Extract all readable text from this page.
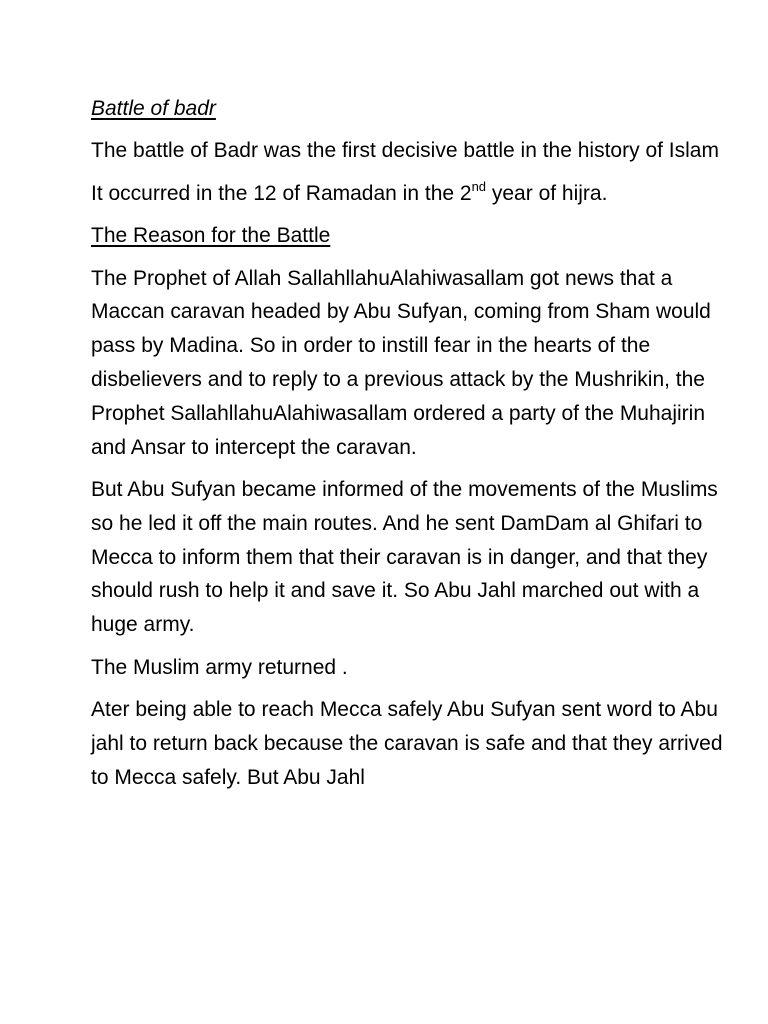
Battle of badr

The battle of Badr was the first decisive battle in the history of Islam

It occurred in the 12 of Ramadan in the 2nd year of hijra.

The Reason for the Battle

The Prophet of Allah SallahllahuAlahiwasallam got news that a Maccan caravan headed by Abu Sufyan, coming from Sham would pass by Madina. So in order to instill fear in the hearts of the disbelievers and to reply to a previous attack by the Mushrikin, the Prophet SallahllahuAlahiwasallam ordered a party of the Muhajirin and Ansar to intercept the caravan.

But Abu Sufyan became informed of the movements of the Muslims so he led it off the main routes. And he sent DamDam al Ghifari to Mecca to inform them that their caravan is in danger, and that they should rush to help it and save it. So Abu Jahl marched out with a huge army.

The Muslim army returned .

Ater being able to reach Mecca safely Abu Sufyan sent word to Abu jahl to return back because the caravan is safe and that they arrived to Mecca safely. But Abu Jahl
